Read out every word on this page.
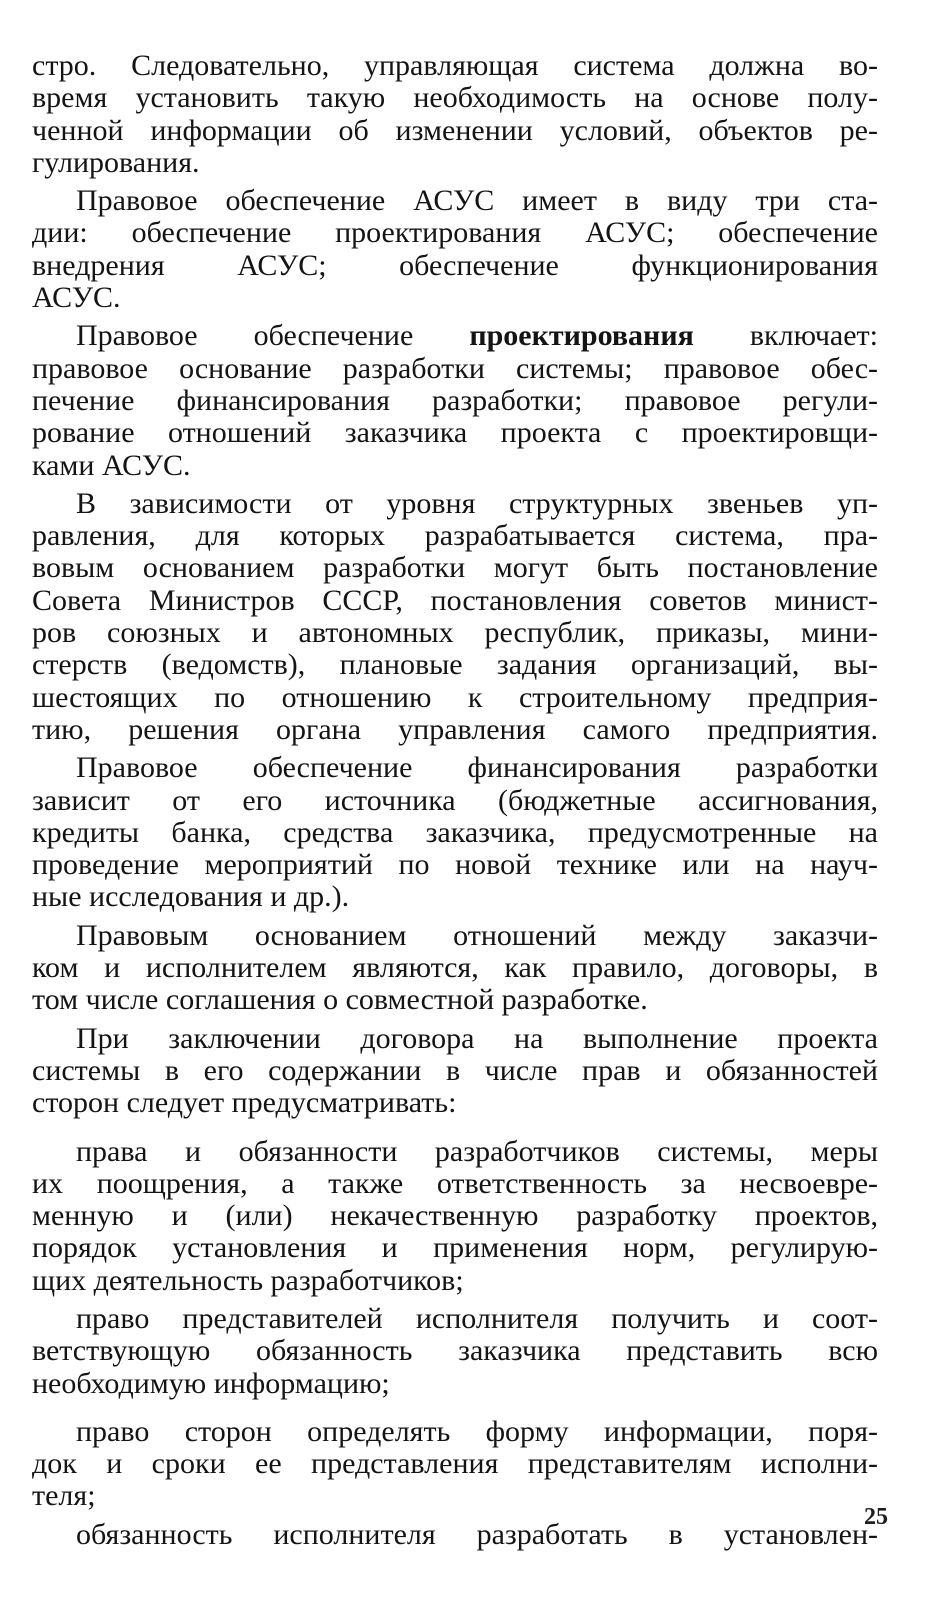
стро. Следовательно, управляющая система должна во-
время установить такую необходимость на основе полу-
ченной информации об изменении условий, объектов ре-
гулирования.
Правовое обеспечение АСУС имеет в виду три ста-
дии: обеспечение проектирования АСУС; обеспечение
внедрения АСУС; обеспечение функционирования
АСУС.
Правовое обеспечение проектирования включает:
правовое основание разработки системы; правовое обес-
печение финансирования разработки; правовое регули-
рование отношений заказчика проекта с проектировщи-
ками АСУС.
В зависимости от уровня структурных звеньев уп-
равления, для которых разрабатывается система, пра-
вовым основанием разработки могут быть постановление
Совета Министров СССР, постановления советов минист-
ров союзных и автономных республик, приказы, мини-
стерств (ведомств), плановые задания организаций, вы-
шестоящих по отношению к строительному предприя-
тию, решения органа управления самого предприятия.
Правовое обеспечение финансирования разработки
зависит от его источника (бюджетные ассигнования,
кредиты банка, средства заказчика, предусмотренные на
проведение мероприятий по новой технике или на науч-
ные исследования и др.).
Правовым основанием отношений между заказчи-
ком и исполнителем являются, как правило, договоры, в
том числе соглашения о совместной разработке.
При заключении договора на выполнение проекта
системы в его содержании в числе прав и обязанностей
сторон следует предусматривать:
права и обязанности разработчиков системы, меры
их поощрения, а также ответственность за несвоевре-
менную и (или) некачественную разработку проектов,
порядок установления и применения норм, регулирую-
щих деятельность разработчиков;
право представителей исполнителя получить и соот-
ветствующую обязанность заказчика представить всю
необходимую информацию;
право сторон определять форму информации, поря-
док и сроки ее представления представителям исполни-
теля;
обязанность исполнителя разработать в установлен-
25
